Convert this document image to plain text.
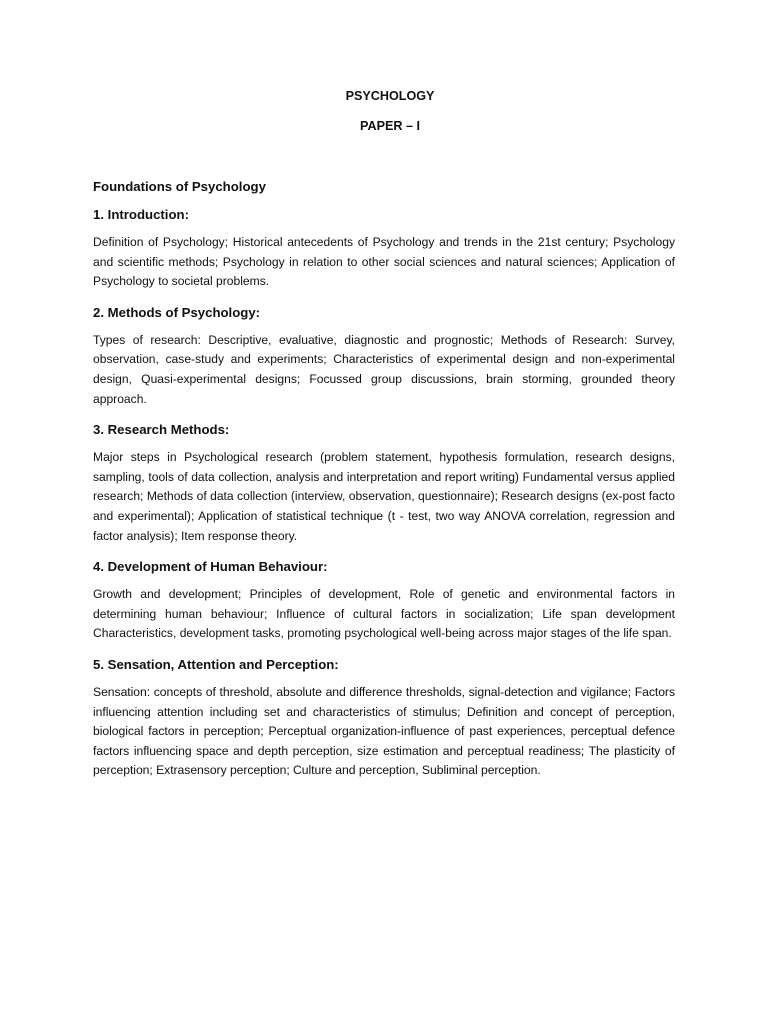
PSYCHOLOGY
PAPER – I
Foundations of Psychology
1. Introduction:
Definition of Psychology; Historical antecedents of Psychology and trends in the 21st century; Psychology and scientific methods; Psychology in relation to other social sciences and natural sciences; Application of Psychology to societal problems.
2. Methods of Psychology:
Types of research: Descriptive, evaluative, diagnostic and prognostic; Methods of Research: Survey, observation, case-study and experiments; Characteristics of experimental design and non-experimental design, Quasi-experimental designs; Focussed group discussions, brain storming, grounded theory approach.
3. Research Methods:
Major steps in Psychological research (problem statement, hypothesis formulation, research designs, sampling, tools of data collection, analysis and interpretation and report writing) Fundamental versus applied research; Methods of data collection (interview, observation, questionnaire); Research designs (ex-post facto and experimental); Application of statistical technique (t - test, two way ANOVA correlation, regression and factor analysis); Item response theory.
4. Development of Human Behaviour:
Growth and development; Principles of development, Role of genetic and environmental factors in determining human behaviour; Influence of cultural factors in socialization; Life span development Characteristics, development tasks, promoting psychological well-being across major stages of the life span.
5. Sensation, Attention and Perception:
Sensation: concepts of threshold, absolute and difference thresholds, signal-detection and vigilance; Factors influencing attention including set and characteristics of stimulus; Definition and concept of perception, biological factors in perception; Perceptual organization-influence of past experiences, perceptual defence factors influencing space and depth perception, size estimation and perceptual readiness; The plasticity of perception; Extrasensory perception; Culture and perception, Subliminal perception.
